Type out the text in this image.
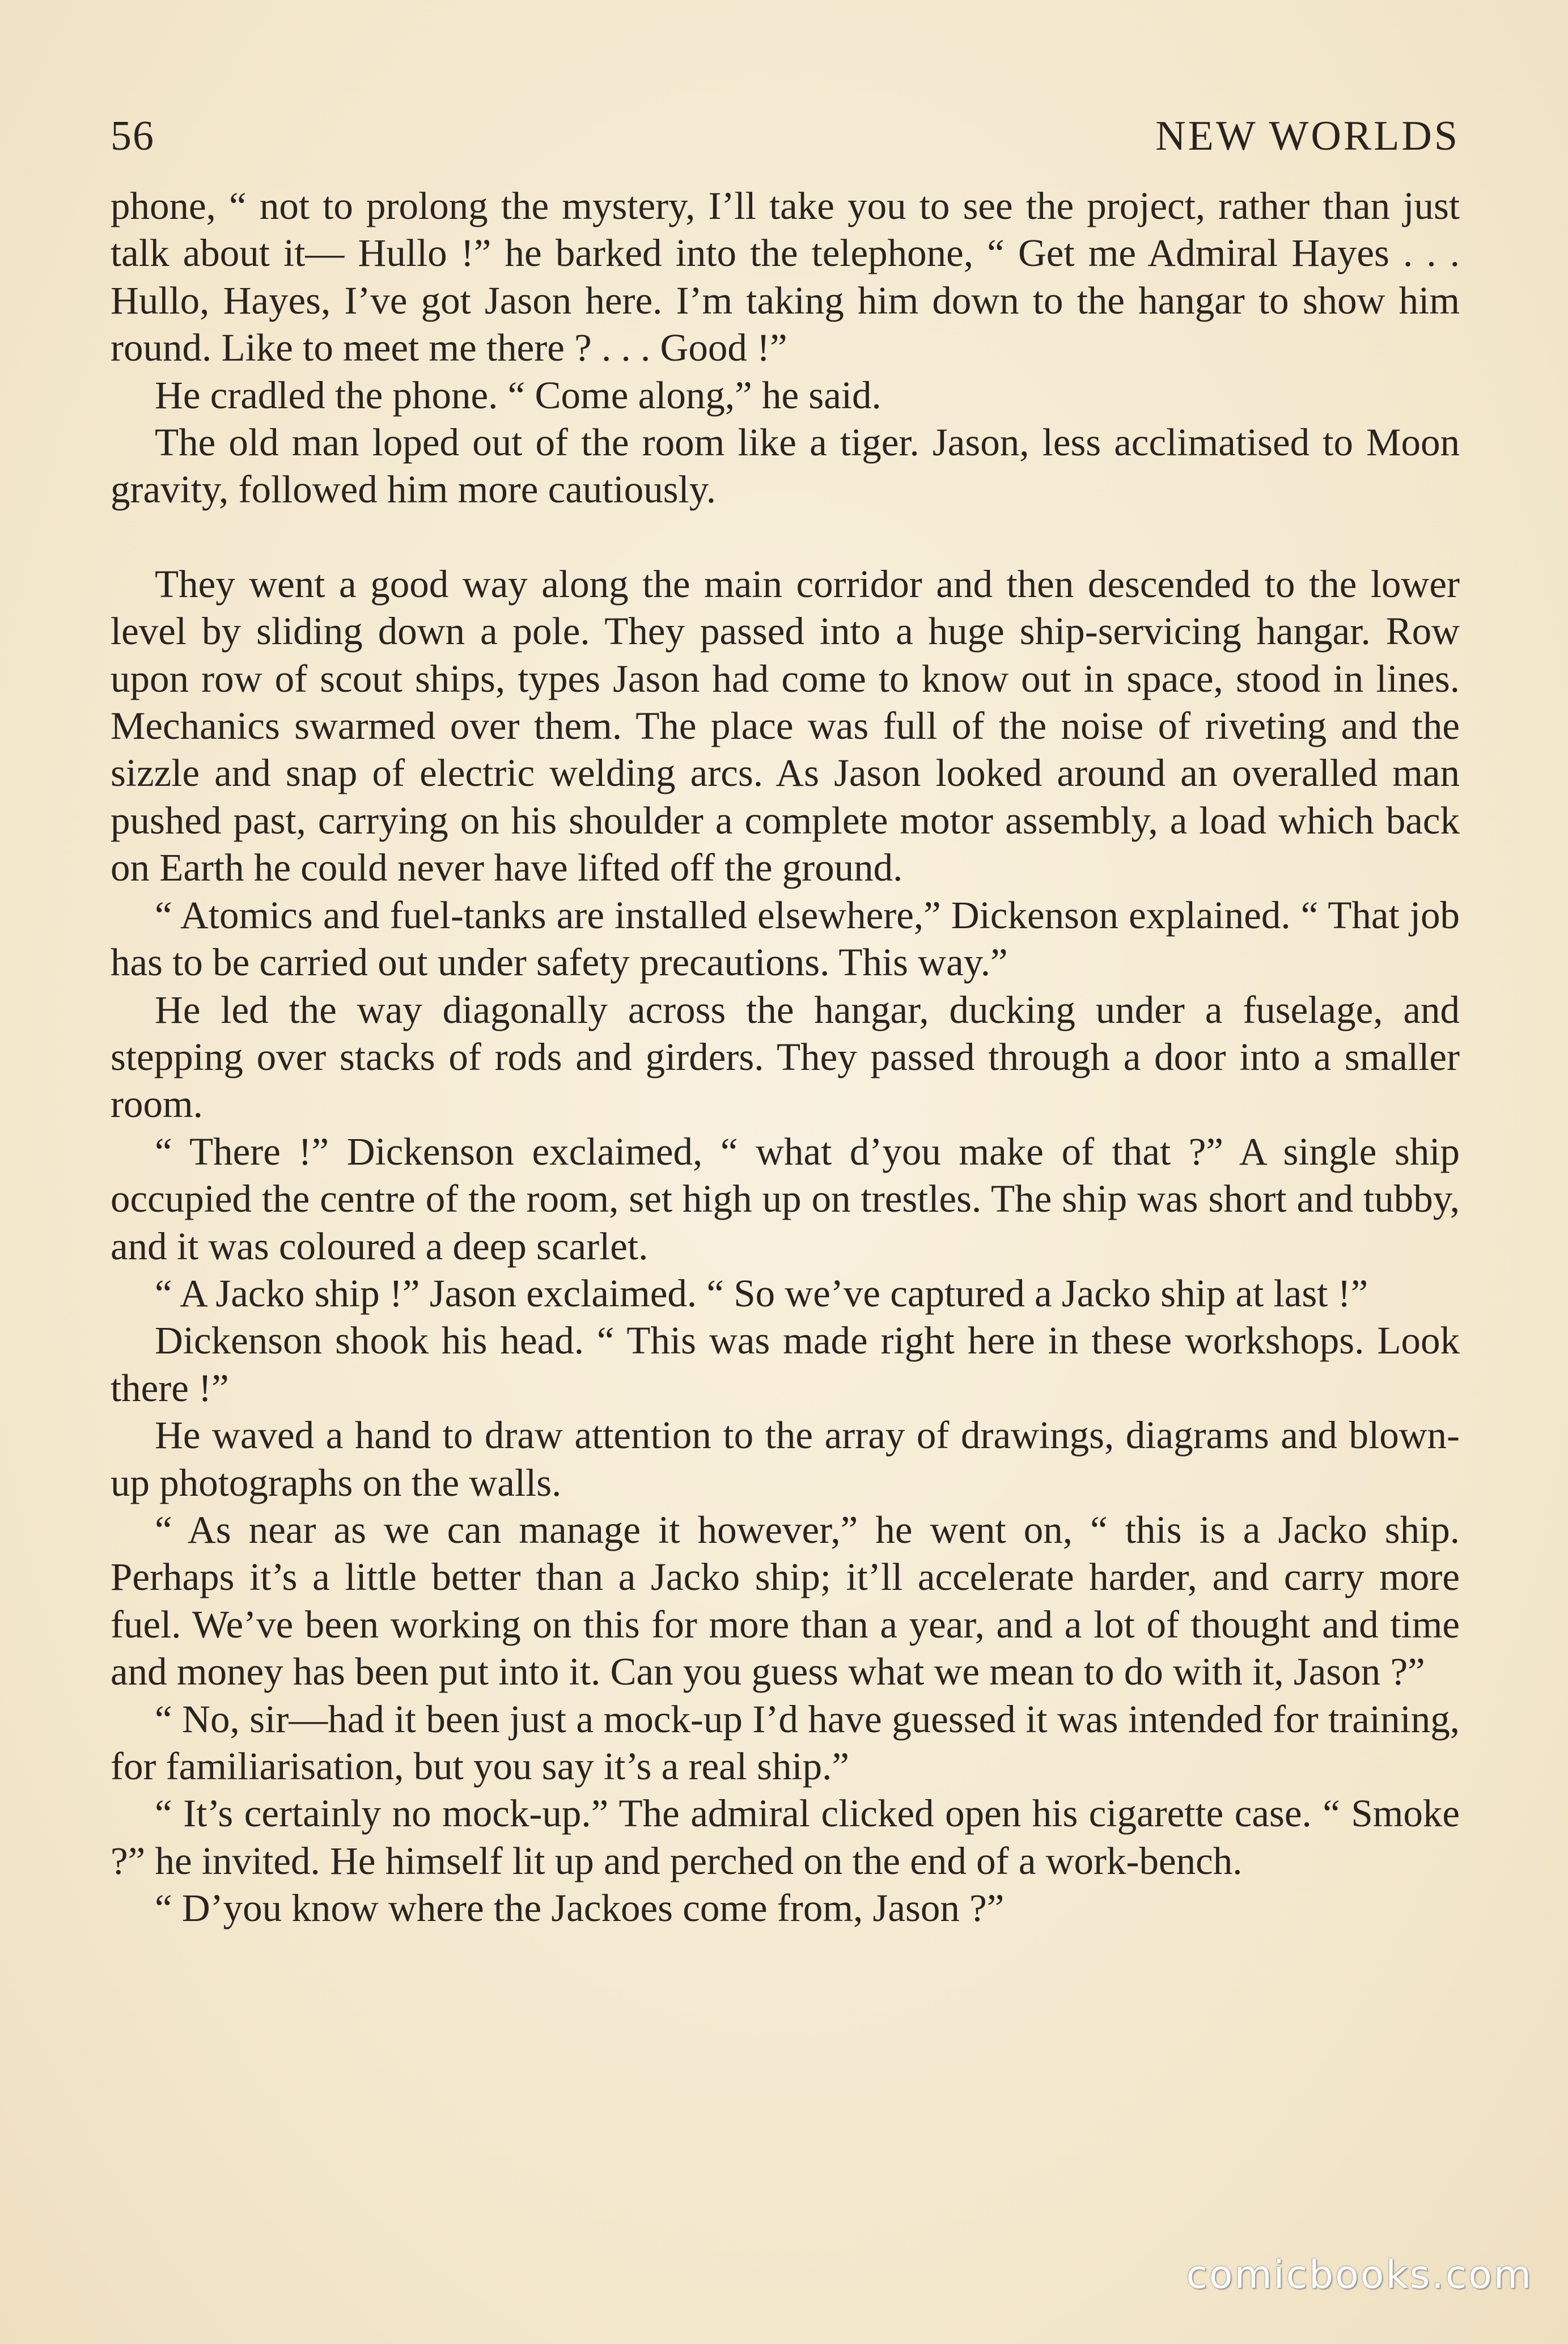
56	NEW WORLDS

phone, “ not to prolong the mystery, I’ll take you to see the project, rather than just talk about it— Hullo !” he barked into the telephone, “ Get me Admiral Hayes . . . Hullo, Hayes, I’ve got Jason here. I’m taking him down to the hangar to show him round. Like to meet me there ? . . . Good !”

He cradled the phone. “ Come along,” he said.

The old man loped out of the room like a tiger. Jason, less acclimatised to Moon gravity, followed him more cautiously.

They went a good way along the main corridor and then descended to the lower level by sliding down a pole. They passed into a huge ship-servicing hangar. Row upon row of scout ships, types Jason had come to know out in space, stood in lines. Mechanics swarmed over them. The place was full of the noise of riveting and the sizzle and snap of electric welding arcs. As Jason looked around an overalled man pushed past, carrying on his shoulder a complete motor assembly, a load which back on Earth he could never have lifted off the ground.

“ Atomics and fuel-tanks are installed elsewhere,” Dickenson explained. “ That job has to be carried out under safety precautions. This way.”

He led the way diagonally across the hangar, ducking under a fuselage, and stepping over stacks of rods and girders. They passed through a door into a smaller room.

“ There !” Dickenson exclaimed, “ what d’you make of that ?” A single ship occupied the centre of the room, set high up on trestles. The ship was short and tubby, and it was coloured a deep scarlet.

“ A Jacko ship !” Jason exclaimed. “ So we’ve captured a Jacko ship at last !”

Dickenson shook his head. “ This was made right here in these workshops. Look there !”

He waved a hand to draw attention to the array of drawings, diagrams and blown-up photographs on the walls.

“ As near as we can manage it however,” he went on, “ this is a Jacko ship. Perhaps it’s a little better than a Jacko ship; it’ll accelerate harder, and carry more fuel. We’ve been working on this for more than a year, and a lot of thought and time and money has been put into it. Can you guess what we mean to do with it, Jason ?”

“ No, sir—had it been just a mock-up I’d have guessed it was intended for training, for familiarisation, but you say it’s a real ship.”

“ It’s certainly no mock-up.” The admiral clicked open his cigarette case. “ Smoke ?” he invited. He himself lit up and perched on the end of a work-bench.

“ D’you know where the Jackoes come from, Jason ?”

comicbooks.com
